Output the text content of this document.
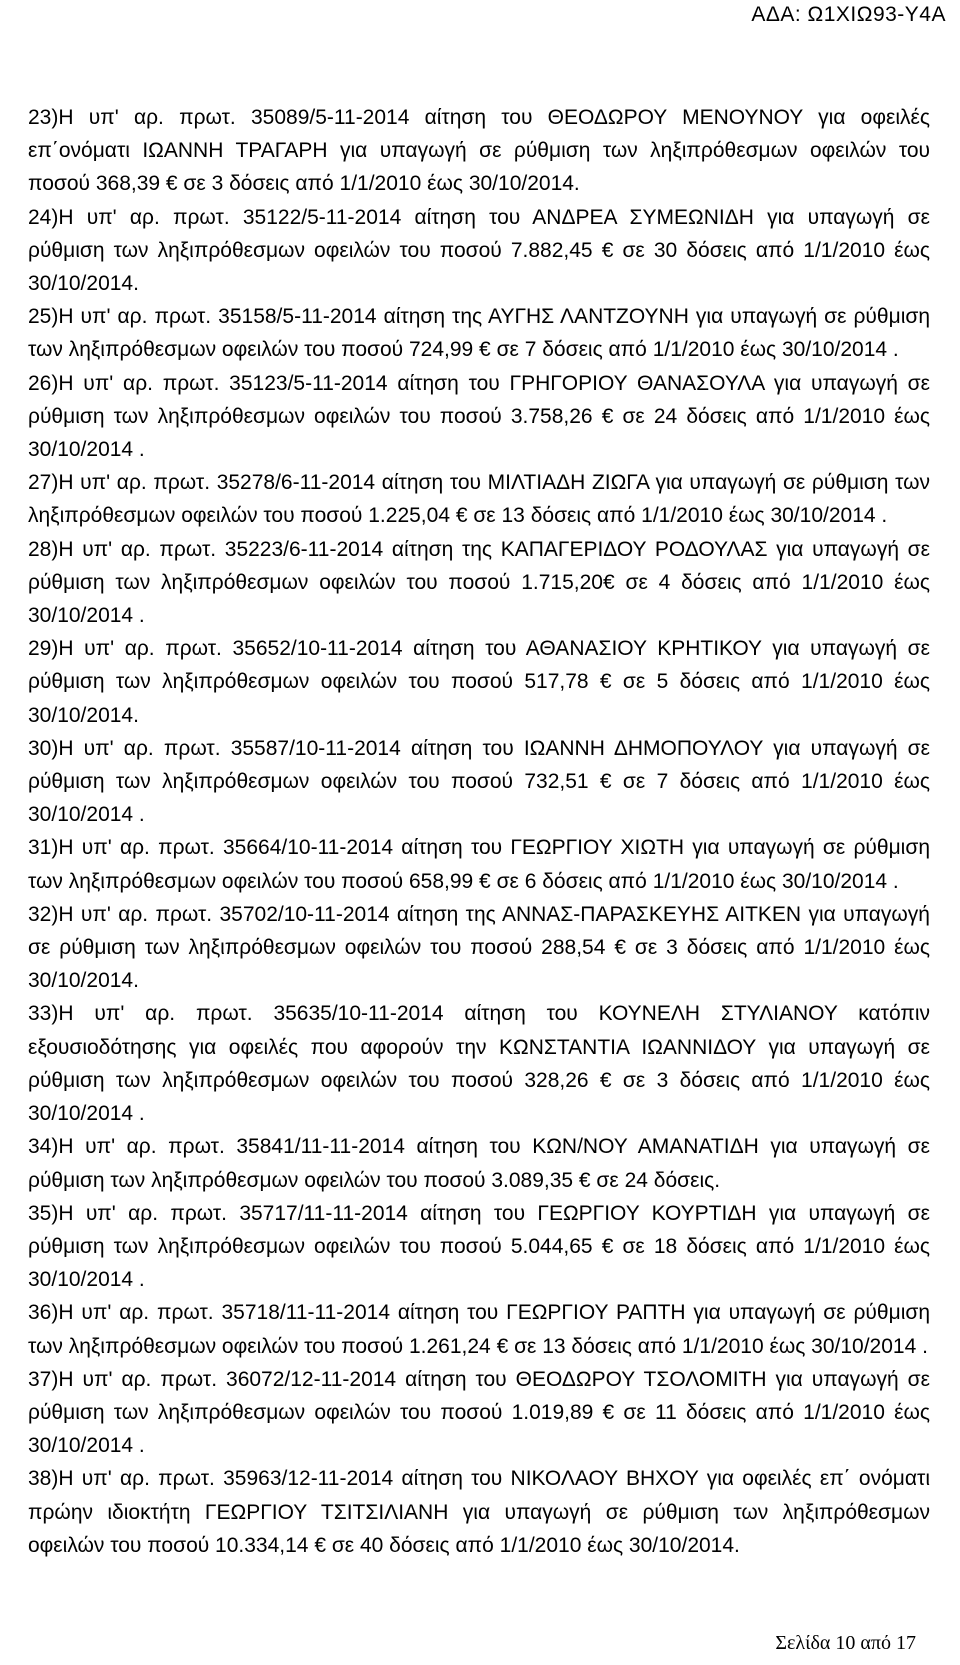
ΑΔΑ: Ω1ΧΙΩ93-Υ4Α

23)Η υπ' αρ. πρωτ. 35089/5-11-2014 αίτηση του ΘΕΟΔΩΡΟΥ ΜΕΝΟΥΝΟΥ για οφειλές επ΄ονόματι ΙΩΑΝΝΗ ΤΡΑΓΑΡΗ για υπαγωγή σε ρύθμιση των ληξιπρόθεσμων οφειλών του ποσού 368,39 € σε 3 δόσεις από 1/1/2010 έως 30/10/2014.

24)Η υπ' αρ. πρωτ. 35122/5-11-2014 αίτηση του ΑΝΔΡΕΑ ΣΥΜΕΩΝΙΔΗ για υπαγωγή σε ρύθμιση των ληξιπρόθεσμων οφειλών του ποσού 7.882,45 € σε 30 δόσεις από 1/1/2010 έως 30/10/2014.

25)Η υπ' αρ. πρωτ. 35158/5-11-2014 αίτηση της ΑΥΓΗΣ ΛΑΝΤΖΟΥΝΗ για υπαγωγή σε ρύθμιση των ληξιπρόθεσμων οφειλών του ποσού 724,99 € σε 7 δόσεις από 1/1/2010 έως 30/10/2014 .

26)Η υπ' αρ. πρωτ. 35123/5-11-2014 αίτηση του ΓΡΗΓΟΡΙΟΥ ΘΑΝΑΣΟΥΛΑ για υπαγωγή σε ρύθμιση των ληξιπρόθεσμων οφειλών του ποσού 3.758,26 € σε 24 δόσεις από 1/1/2010 έως 30/10/2014 .

27)Η υπ' αρ. πρωτ. 35278/6-11-2014 αίτηση του ΜΙΛΤΙΑΔΗ ΖΙΩΓΑ για υπαγωγή σε ρύθμιση των ληξιπρόθεσμων οφειλών του ποσού 1.225,04 € σε 13 δόσεις από 1/1/2010 έως 30/10/2014 .

28)Η υπ' αρ. πρωτ. 35223/6-11-2014 αίτηση της ΚΑΠΑΓΕΡΙΔΟΥ ΡΟΔΟΥΛΑΣ για υπαγωγή σε ρύθμιση των ληξιπρόθεσμων οφειλών του ποσού 1.715,20€ σε 4 δόσεις από 1/1/2010 έως 30/10/2014 .

29)Η υπ' αρ. πρωτ. 35652/10-11-2014 αίτηση του ΑΘΑΝΑΣΙΟΥ ΚΡΗΤΙΚΟΥ για υπαγωγή σε ρύθμιση των ληξιπρόθεσμων οφειλών του ποσού 517,78 € σε 5 δόσεις από 1/1/2010 έως 30/10/2014.

30)Η υπ' αρ. πρωτ. 35587/10-11-2014 αίτηση του ΙΩΑΝΝΗ ΔΗΜΟΠΟΥΛΟΥ για υπαγωγή σε ρύθμιση των ληξιπρόθεσμων οφειλών του ποσού 732,51 € σε 7 δόσεις από 1/1/2010 έως 30/10/2014 .

31)Η υπ' αρ. πρωτ. 35664/10-11-2014 αίτηση του ΓΕΩΡΓΙΟΥ ΧΙΩΤΗ για υπαγωγή σε ρύθμιση των ληξιπρόθεσμων οφειλών του ποσού 658,99 € σε 6 δόσεις από 1/1/2010 έως 30/10/2014 .

32)Η υπ' αρ. πρωτ. 35702/10-11-2014 αίτηση της ΑΝΝΑΣ-ΠΑΡΑΣΚΕΥΗΣ ΑΙΤΚΕΝ για υπαγωγή σε ρύθμιση των ληξιπρόθεσμων οφειλών του ποσού 288,54 € σε 3 δόσεις από 1/1/2010 έως 30/10/2014.

33)Η υπ' αρ. πρωτ. 35635/10-11-2014 αίτηση του ΚΟΥΝΕΛΗ ΣΤΥΛΙΑΝΟΥ κατόπιν εξουσιοδότησης για οφειλές που αφορούν την ΚΩΝΣΤΑΝΤΙΑ ΙΩΑΝΝΙΔΟΥ για υπαγωγή σε ρύθμιση των ληξιπρόθεσμων οφειλών του ποσού 328,26 € σε 3 δόσεις από 1/1/2010 έως 30/10/2014 .

34)Η υπ' αρ. πρωτ. 35841/11-11-2014 αίτηση του ΚΩΝ/ΝΟΥ ΑΜΑΝΑΤΙΔΗ για υπαγωγή σε ρύθμιση των ληξιπρόθεσμων οφειλών του ποσού 3.089,35 € σε 24 δόσεις.

35)Η υπ' αρ. πρωτ. 35717/11-11-2014 αίτηση του ΓΕΩΡΓΙΟΥ ΚΟΥΡΤΙΔΗ για υπαγωγή σε ρύθμιση των ληξιπρόθεσμων οφειλών του ποσού 5.044,65 € σε 18 δόσεις από 1/1/2010 έως 30/10/2014 .

36)Η υπ' αρ. πρωτ. 35718/11-11-2014 αίτηση του ΓΕΩΡΓΙΟΥ ΡΑΠΤΗ για υπαγωγή σε ρύθμιση των ληξιπρόθεσμων οφειλών του ποσού 1.261,24 € σε 13 δόσεις από 1/1/2010 έως 30/10/2014 .

37)Η υπ' αρ. πρωτ. 36072/12-11-2014 αίτηση του ΘΕΟΔΩΡΟΥ ΤΣΟΛΟΜΙΤΗ για υπαγωγή σε ρύθμιση των ληξιπρόθεσμων οφειλών του ποσού 1.019,89 € σε 11 δόσεις από 1/1/2010 έως 30/10/2014 .

38)Η υπ' αρ. πρωτ. 35963/12-11-2014 αίτηση του ΝΙΚΟΛΑΟΥ ΒΗΧΟΥ για οφειλές επ΄ ονόματι πρώην ιδιοκτήτη ΓΕΩΡΓΙΟΥ ΤΣΙΤΣΙΛΙΑΝΗ για υπαγωγή σε ρύθμιση των ληξιπρόθεσμων οφειλών του ποσού 10.334,14 € σε 40 δόσεις από 1/1/2010 έως 30/10/2014.

Σελίδα 10 από 17
